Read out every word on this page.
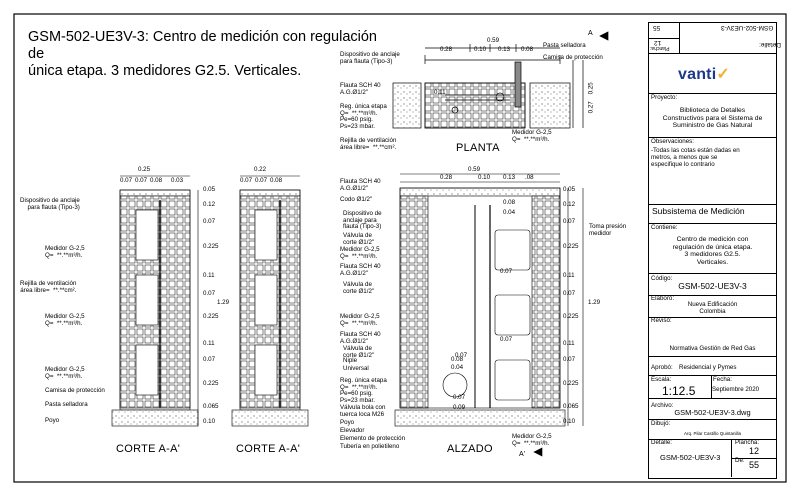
GSM-502-UE3V-3: Centro de medición con regulación de
única etapa. 3 medidores G2.5. Verticales.
Dispositivo de anclaje
para flauta (Tipo-3)
Pasta selladora
Camisa de protección
Flauta SCH 40
A.G.Ø1/2"
Reg. única etapa
Q=  **.**m³/h.
Pe=60 psig.
Ps=23 mbar.
Rejilla de ventilación
área libre=  **.**cm².
Medidor G-2,5
Q=  **.**m³/h.
0.11
0.59
0.28	0.10 0.13 0.08
0.25
0.27
PLANTA
A
A'
0.25
0.07 0.07 0.08 0.03
Dispositivo de anclaje
para flauta (Tipo-3)
Medidor G-2,5
Q=  **.**m³/h.
Rejilla de ventilación
área libre=  **.**cm².
Medidor G-2,5
Q=  **.**m³/h.
Medidor G-2,5
Q=  **.**m³/h.
Camisa de protección
Pasta selladora
Poyo
CORTE A-A'
0.05
0.12
0.07
0.225
0.11
0.07
0.225
0.11
0.07
0.225
0.065
0.10
1.29
0.22
0.07 0.07 0.08
CORTE A-A'
0.59
0.28	0.10 0.13 .08
Flauta SCH 40
A.G.Ø1/2"
Codo Ø1/2"
Dispositivo de
anclaje para
flauta (Tipo-3)
Válvula de
corte Ø1/2"
Medidor G-2,5
Q=  **.**m³/h.
Flauta SCH 40
A.G.Ø1/2"
Válvula de
corte Ø1/2"
Medidor G-2,5
Q=  **.**m³/h.
Flauta SCH 40
A.G.Ø1/2"
Válvula de
corte Ø1/2"
Niple
Universal
Reg. única etapa
Q=  **.**m³/h.
Pe=60 psig.
Ps=23 mbar.
Válvula bola con
tuerca loca M26
Poyo
Elevador
Elemento de protección
Tubería en polietileno
Toma presión
medidor
Medidor G-2,5
Q=  **.**m³/h.
ALZADO
0.08
0.04
0.07
0.07
0.07
0.08
0.04
0.07
0.09
0.05
0.12
0.07
0.225
0.11
0.07
0.225
0.11
0.07
0.225
0.065
0.10
1.29
GSM-502-UE3V-3
Detalle:
55
12
Plancha:
vanti✓
Proyecto:
Biblioteca de Detalles
Constructivos para el Sistema de
Suministro de Gas Natural
Observaciones:
-Todas las cotas están dadas en
metros, a menos que se
especifique lo contrario
Subsistema de Medición
Contiene:
Centro de medición con
regulación de única etapa.
3 medidores G2.5.
Verticales.
Código:
GSM-502-UE3V-3
Elaboró:
Nueva Edificación
Colombia
Revisó:
Normativa Gestión de Red Gas
Aprobó: Residencial y Pymes
Escala:
1:12.5
Fecha:
Septiembre 2020
Archivo:
GSM-502-UE3V-3.dwg
Dibujó:
Arq. Pilar Castillo Quintanilla
Detalle:
GSM-502-UE3V-3
Plancha:
12
De: 55
